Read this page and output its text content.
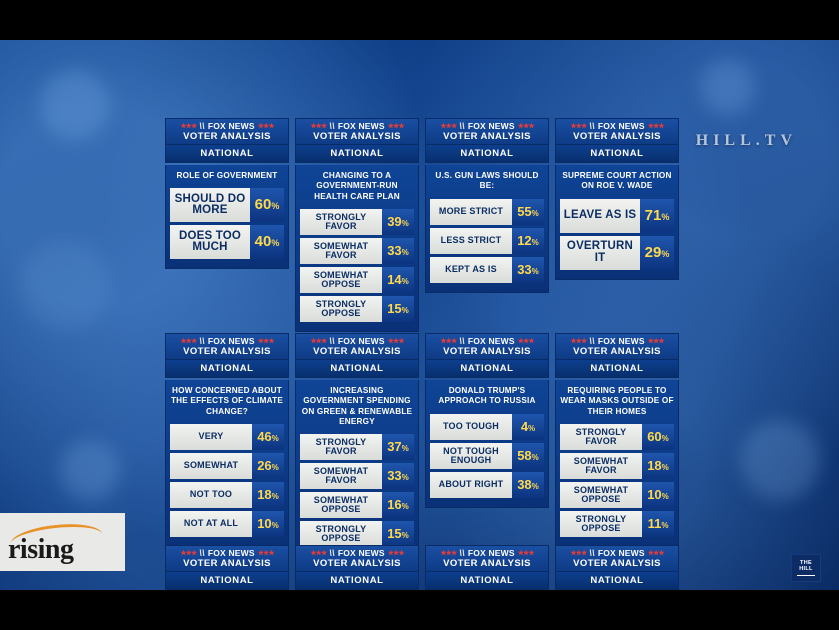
HILL.TV
★★★ \\ FOX NEWS ★★★
VOTER ANALYSIS
NATIONAL
ROLE OF GOVERNMENT
SHOULD DO MORE	60 %
DOES TOO MUCH	40 %
★★★ \\ FOX NEWS ★★★
VOTER ANALYSIS
NATIONAL
HOW CONCERNED ABOUT THE EFFECTS OF CLIMATE CHANGE?
VERY	46 %
SOMEWHAT	26 %
NOT TOO	18 %
NOT AT ALL	10 %
★★★ \\ FOX NEWS ★★★
VOTER ANALYSIS
NATIONAL
★★★ \\ FOX NEWS ★★★
VOTER ANALYSIS
NATIONAL
CHANGING TO A GOVERNMENT-RUN HEALTH CARE PLAN
STRONGLY FAVOR	39 %
SOMEWHAT FAVOR	33 %
SOMEWHAT OPPOSE	14 %
STRONGLY OPPOSE	15 %
★★★ \\ FOX NEWS ★★★
VOTER ANALYSIS
NATIONAL
INCREASING GOVERNMENT SPENDING ON GREEN & RENEWABLE ENERGY
STRONGLY FAVOR	37 %
SOMEWHAT FAVOR	33 %
SOMEWHAT OPPOSE	16 %
STRONGLY OPPOSE	15 %
★★★ \\ FOX NEWS ★★★
VOTER ANALYSIS
NATIONAL
★★★ \\ FOX NEWS ★★★
VOTER ANALYSIS
NATIONAL
U.S. GUN LAWS SHOULD BE:
MORE STRICT	55 %
LESS STRICT	12 %
KEPT AS IS	33 %
★★★ \\ FOX NEWS ★★★
VOTER ANALYSIS
NATIONAL
DONALD TRUMP'S APPROACH TO RUSSIA
TOO TOUGH	4 %
NOT TOUGH ENOUGH	58 %
ABOUT RIGHT	38 %
★★★ \\ FOX NEWS ★★★
VOTER ANALYSIS
NATIONAL
★★★ \\ FOX NEWS ★★★
VOTER ANALYSIS
NATIONAL
SUPREME COURT ACTION ON ROE V. WADE
LEAVE AS IS 71 %
OVERTURN IT	29 %
★★★ \\ FOX NEWS ★★★
VOTER ANALYSIS
NATIONAL
REQUIRING PEOPLE TO WEAR MASKS OUTSIDE OF THEIR HOMES
STRONGLY FAVOR	60 %
SOMEWHAT FAVOR	18 %
SOMEWHAT OPPOSE	10 %
STRONGLY OPPOSE	11 %
★★★ \\ FOX NEWS ★★★
VOTER ANALYSIS
NATIONAL
rising	THE
HILL
